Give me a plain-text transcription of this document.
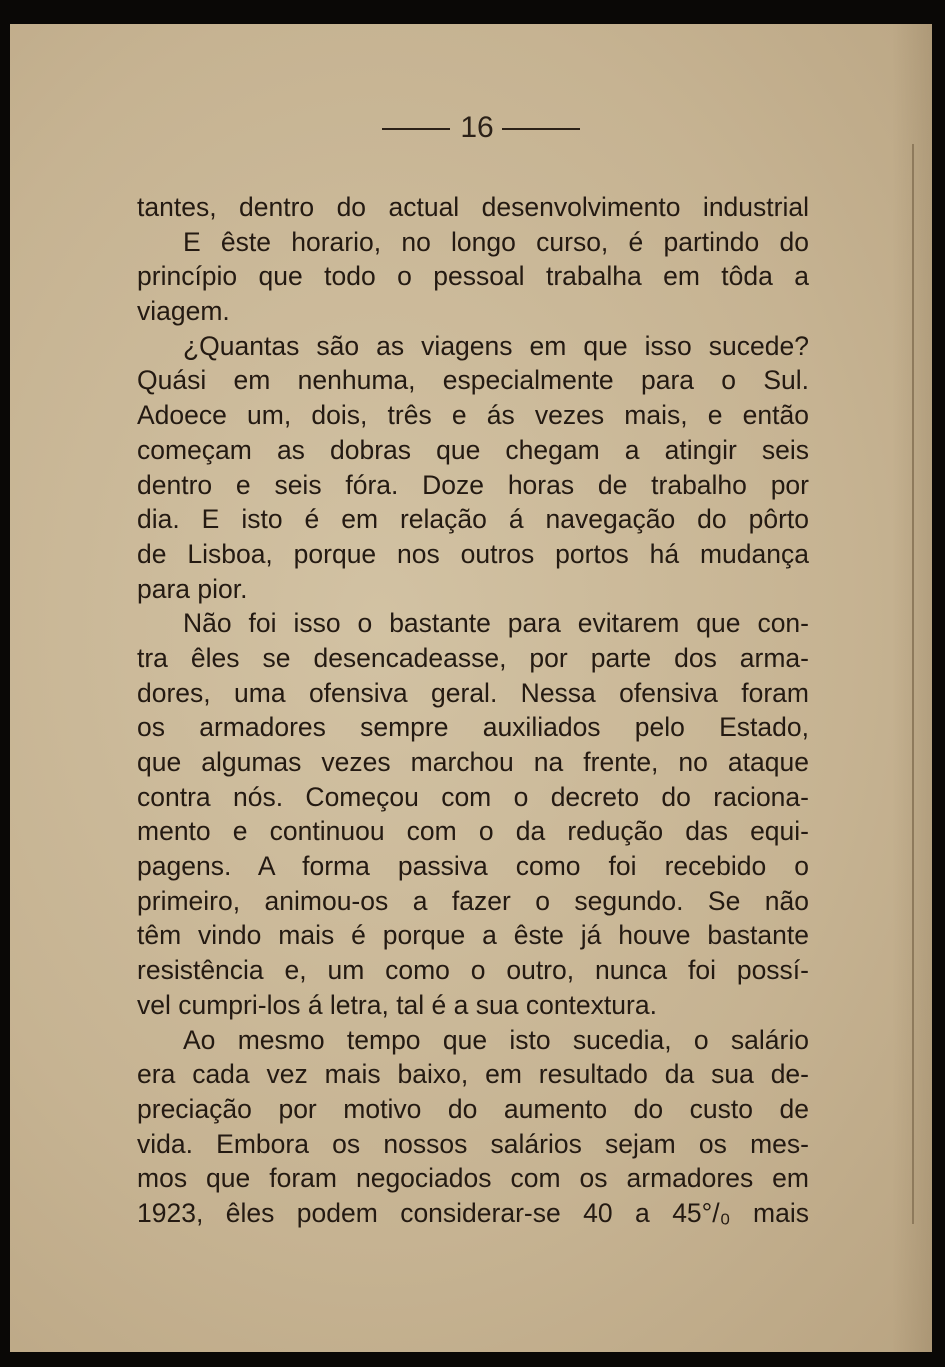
16
tantes, dentro do actual desenvolvimento industrial
E êste horario, no longo curso, é partindo do
princípio que todo o pessoal trabalha em tôda a
viagem.
¿Quantas são as viagens em que isso sucede?
Quási em nenhuma, especialmente para o Sul.
Adoece um, dois, três e ás vezes mais, e então
começam as dobras que chegam a atingir seis
dentro e seis fóra. Doze horas de trabalho por
dia. E isto é em relação á navegação do pôrto
de Lisboa, porque nos outros portos há mudança
para pior.
Não foi isso o bastante para evitarem que con-
tra êles se desencadeasse, por parte dos arma-
dores, uma ofensiva geral. Nessa ofensiva foram
os armadores sempre auxiliados pelo Estado,
que algumas vezes marchou na frente, no ataque
contra nós. Começou com o decreto do raciona-
mento e continuou com o da redução das equi-
pagens. A forma passiva como foi recebido o
primeiro, animou-os a fazer o segundo. Se não
têm vindo mais é porque a êste já houve bastante
resistência e, um como o outro, nunca foi possí-
vel cumpri-los á letra, tal é a sua contextura.
Ao mesmo tempo que isto sucedia, o salário
era cada vez mais baixo, em resultado da sua de-
preciação por motivo do aumento do custo de
vida. Embora os nossos salários sejam os mes-
mos que foram negociados com os armadores em
1923, êles podem considerar-se 40 a 45°/₀ mais
